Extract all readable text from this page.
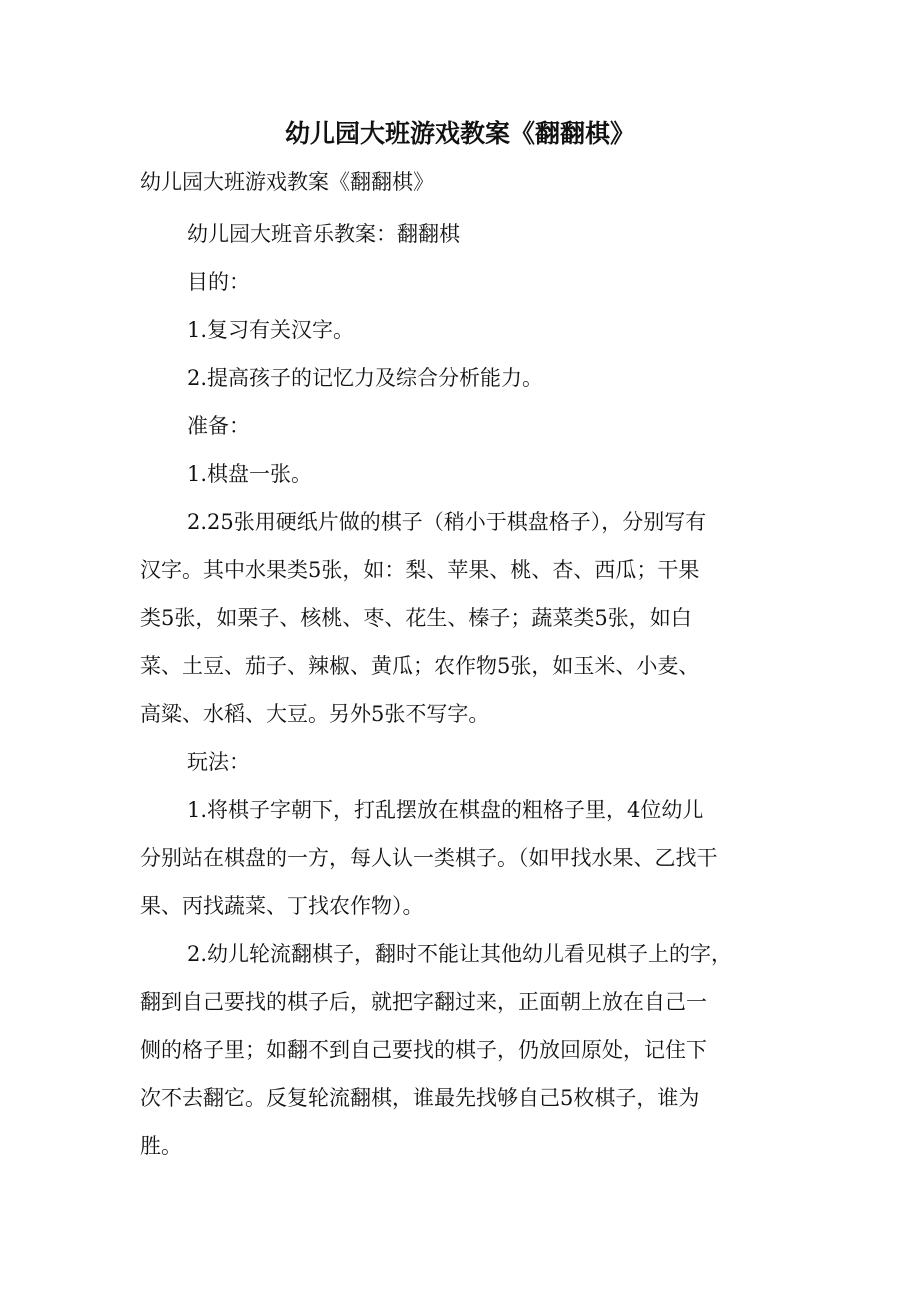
幼儿园大班游戏教案《翻翻棋》

幼儿园大班游戏教案《翻翻棋》

幼儿园大班音乐教案：翻翻棋

目的：

1.复习有关汉字。

2.提高孩子的记忆力及综合分析能力。

准备：

1.棋盘一张。

2.25张用硬纸片做的棋子（稍小于棋盘格子），分别写有

汉字。其中水果类5张，如：梨、苹果、桃、杏、西瓜；干果

类5张，如栗子、核桃、枣、花生、榛子；蔬菜类5张，如白

菜、土豆、茄子、辣椒、黄瓜；农作物5张，如玉米、小麦、

高粱、水稻、大豆。另外5张不写字。

玩法：

1.将棋子字朝下，打乱摆放在棋盘的粗格子里，4位幼儿

分别站在棋盘的一方，每人认一类棋子。（如甲找水果、乙找干

果、丙找蔬菜、丁找农作物）。

2.幼儿轮流翻棋子，翻时不能让其他幼儿看见棋子上的字，

翻到自己要找的棋子后，就把字翻过来，正面朝上放在自己一

侧的格子里；如翻不到自己要找的棋子，仍放回原处，记住下

次不去翻它。反复轮流翻棋，谁最先找够自己5枚棋子，谁为

胜。
